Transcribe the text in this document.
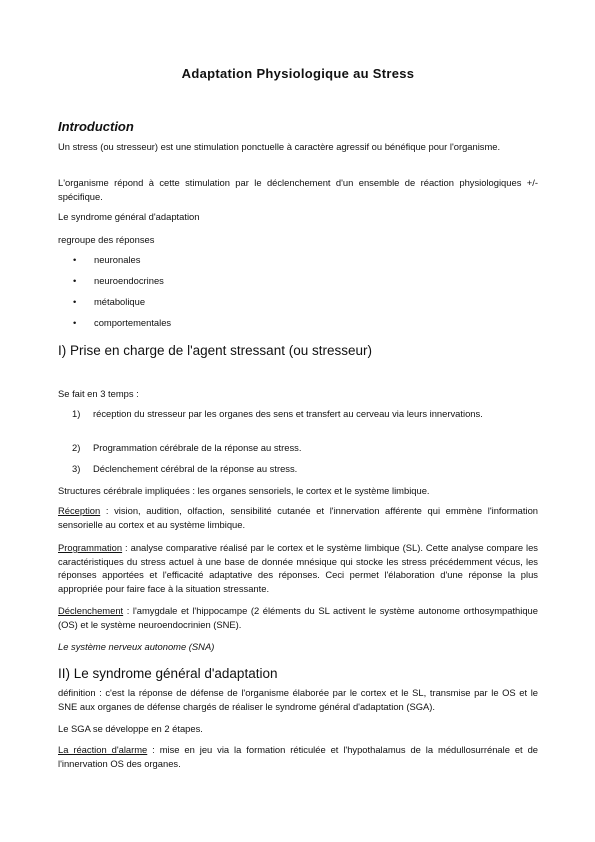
Adaptation Physiologique au Stress
Introduction

Un stress (ou stresseur) est une stimulation ponctuelle à caractère agressif ou bénéfique pour l'organisme.

L'organisme répond à cette stimulation par le déclenchement d'un ensemble de réaction physiologiques +/- spécifique.

Le syndrome général d'adaptation

regroupe des réponses

• neuronales

• neuroendocrines

• métabolique

• comportementales

I) Prise en charge de l'agent stressant (ou stresseur)

Se fait en 3 temps :

1) réception du stresseur par les organes des sens et transfert au cerveau via leurs innervations.
2) Programmation cérébrale de la réponse au stress.
3) Déclenchement cérébral de la réponse au stress.

Structures cérébrale impliquées : les organes sensoriels, le cortex et le système limbique.

Réception : vision, audition, olfaction, sensibilité cutanée et l'innervation afférente qui emmène l'information sensorielle au cortex et au système limbique.

Programmation : analyse comparative réalisé par le cortex et le système limbique (SL). Cette analyse compare les caractéristiques du stress actuel à une base de donnée mnésique qui stocke les stress précédemment vécus, les réponses apportées et l'efficacité adaptative des réponses. Ceci permet l'élaboration d'une réponse la plus appropriée pour faire face à la situation stressante.

Déclenchement : l'amygdale et l'hippocampe (2 éléments du SL activent le système autonome orthosympathique (OS) et le système neuroendocrinien (SNE).

Le système nerveux autonome (SNA)

II) Le syndrome général d'adaptation

définition : c'est la réponse de défense de l'organisme élaborée par le cortex et le SL, transmise par le OS et le SNE aux organes de défense chargés de réaliser le syndrome général d'adaptation (SGA).

Le SGA se développe en 2 étapes.

La réaction d'alarme : mise en jeu via la formation réticulée et l'hypothalamus de la médullosurrénale et de l'innervation OS des organes.
